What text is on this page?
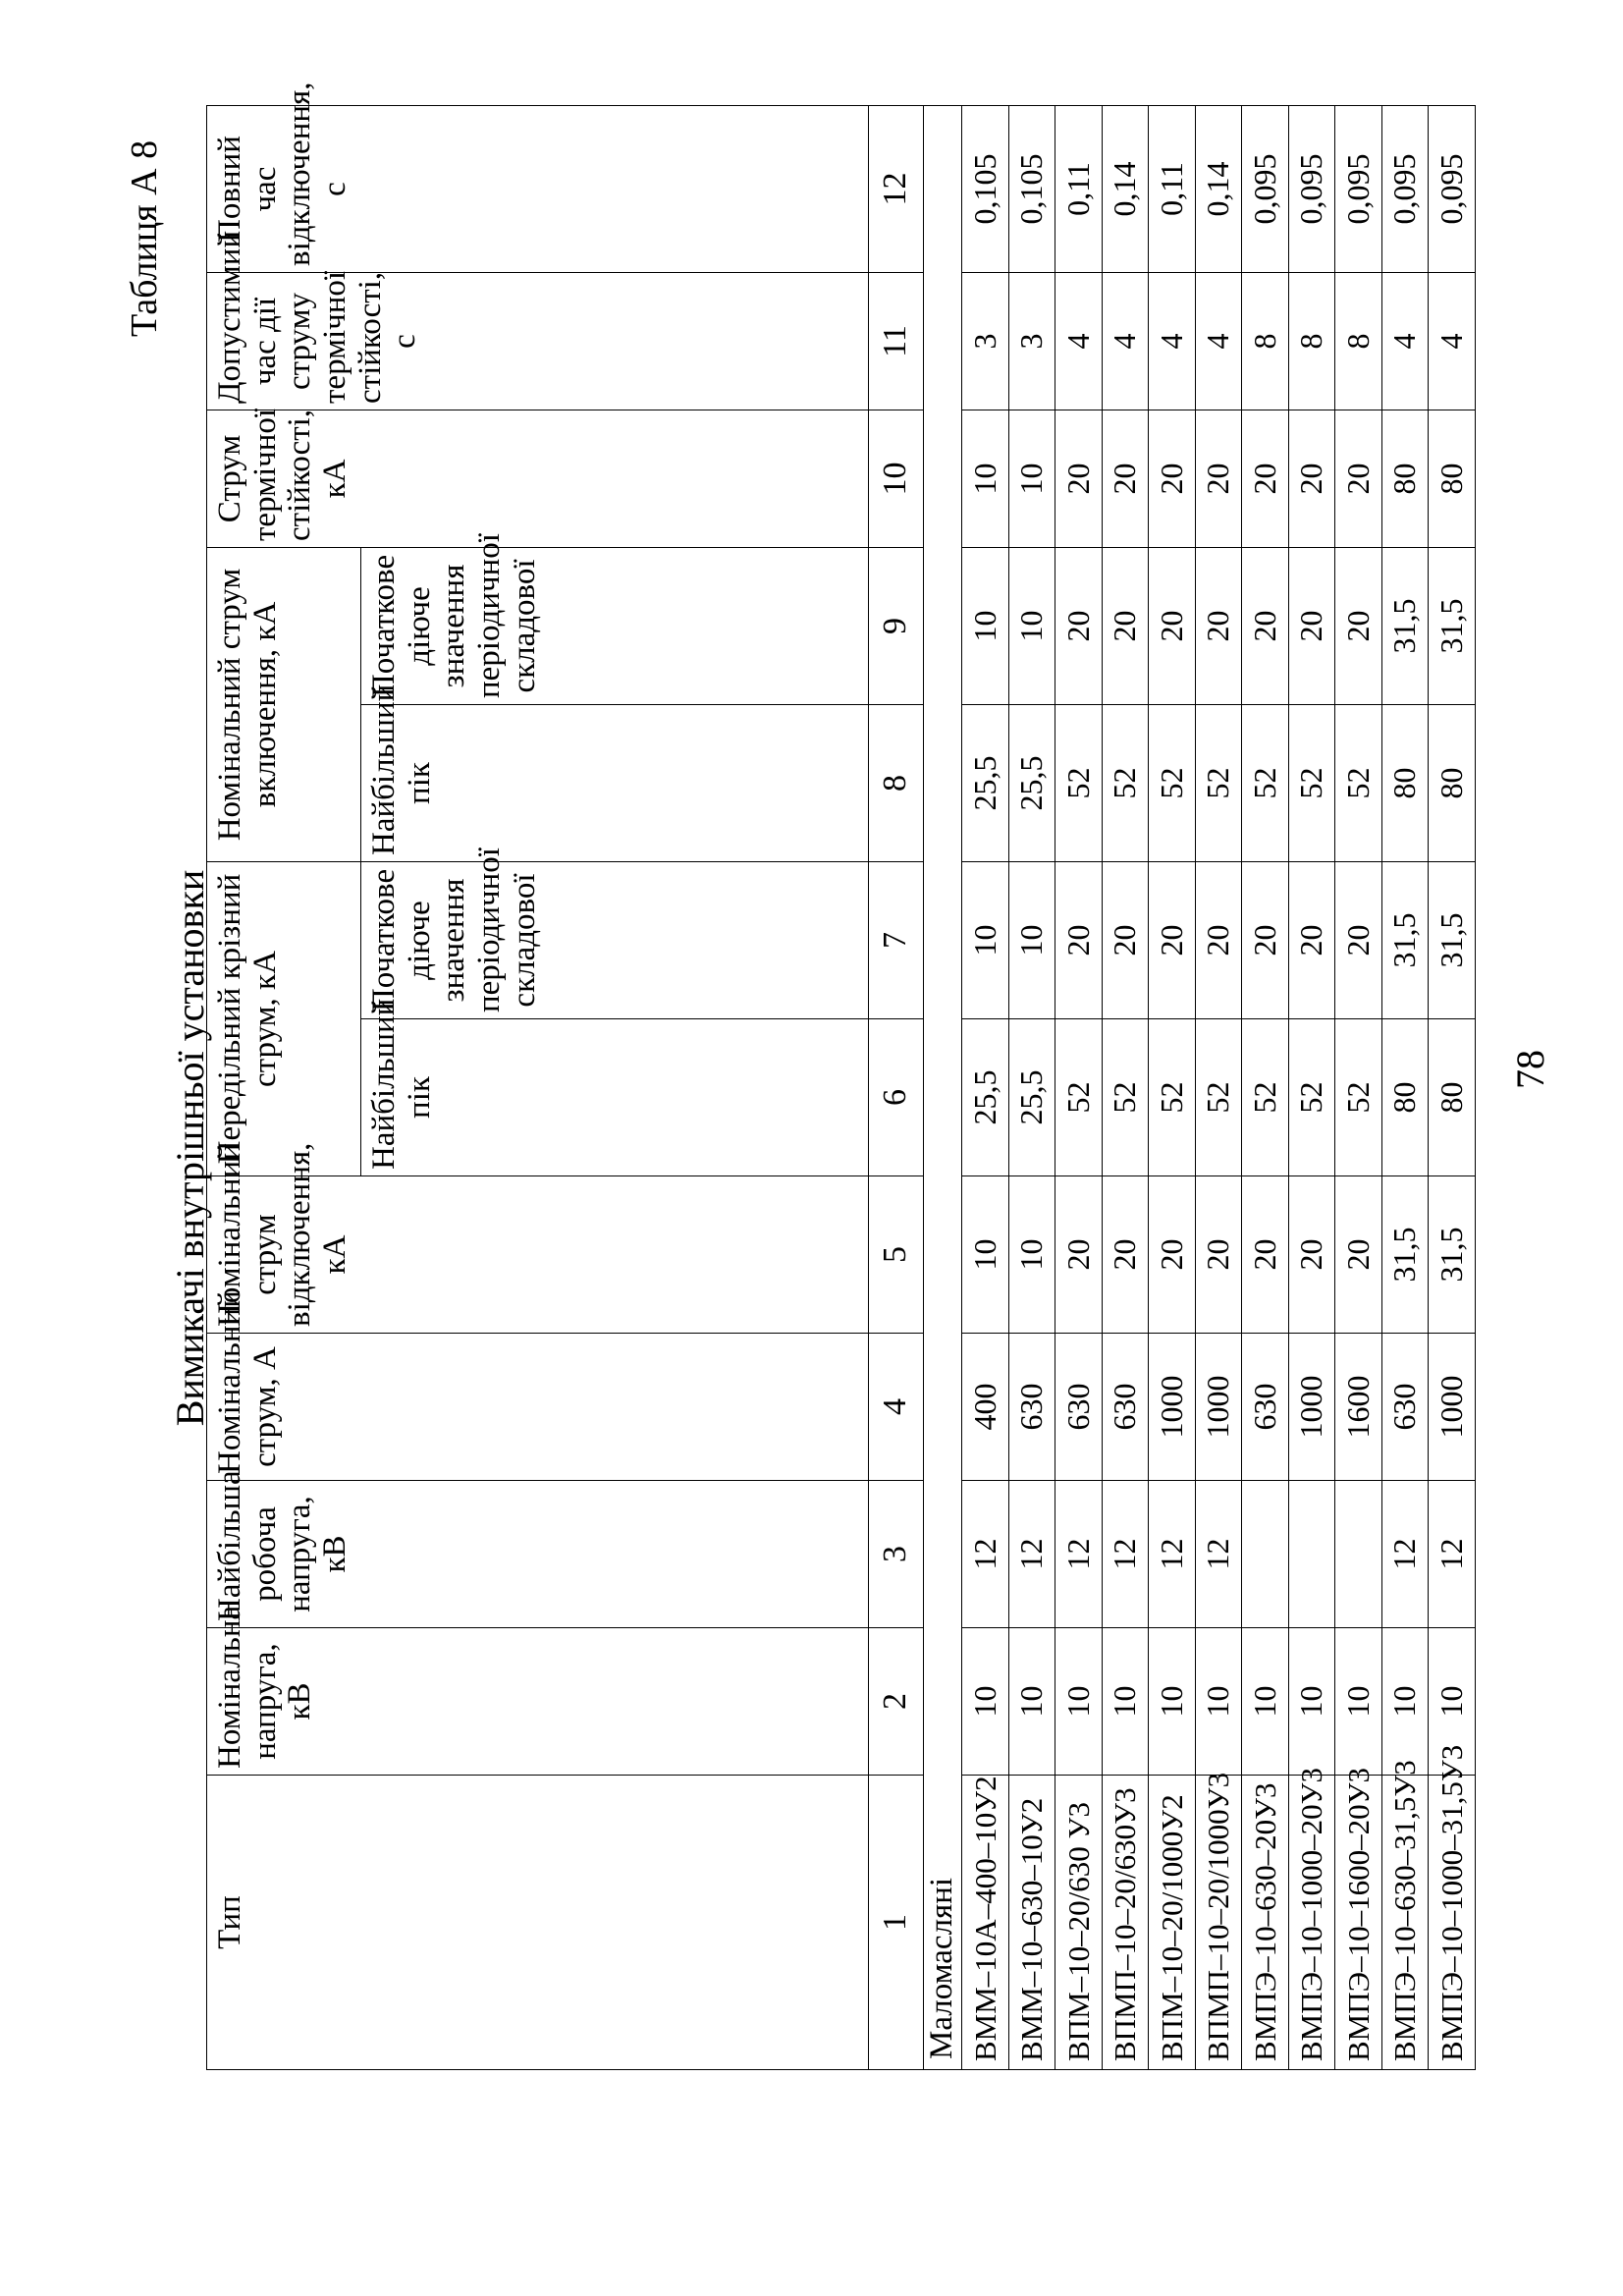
Таблиця А 8
Вимикачі внутрішньої установки
Тип	Номінальна напруга, кВ	Найбільша робоча напруга, кВ	Номінальний струм, А	Номінальний струм відключення, кА	Передільний крізний струм, кА		Номінальний струм включення, кА		Струм термічної стійкості, кА	Допустимий час дії струму термічної стійкості, с	Повний час відключення, с
					Найбільший пік	Початкове діюче значення періодичної складової	Найбільший пік	Початкове діюче значення періодичної складової			
1	2	3	4	5	6	7	8	9	10	11	12
Маломасляні											
ВММ–10А–400–10У2	10	12	400	10	25,5	10	25,5	10	10	3	0,105
ВММ–10–630–10У2	10	12	630	10	25,5	10	25,5	10	10	3	0,105
ВПМ–10–20/630 У3	10	12	630	20	52	20	52	20	20	4	0,11
ВПМП–10–20/630У3	10	12	630	20	52	20	52	20	20	4	0,14
ВПМ–10–20/1000У2	10	12	1000	20	52	20	52	20	20	4	0,11
ВПМП–10–20/1000У3	10	12	1000	20	52	20	52	20	20	4	0,14
ВМПЭ–10–630–20У3	10		630	20	52	20	52	20	20	8	0,095
ВМПЭ–10–1000–20У3	10		1000	20	52	20	52	20	20	8	0,095
ВМПЭ–10–1600–20У3	10		1600	20	52	20	52	20	20	8	0,095
ВМПЭ–10–630–31,5У3	10	12	630	31,5	80	31,5	80	31,5	80	4	0,095
ВМПЭ–10–1000–31,5У3	10	12	1000	31,5	80	31,5	80	31,5	80	4	0,095
78
